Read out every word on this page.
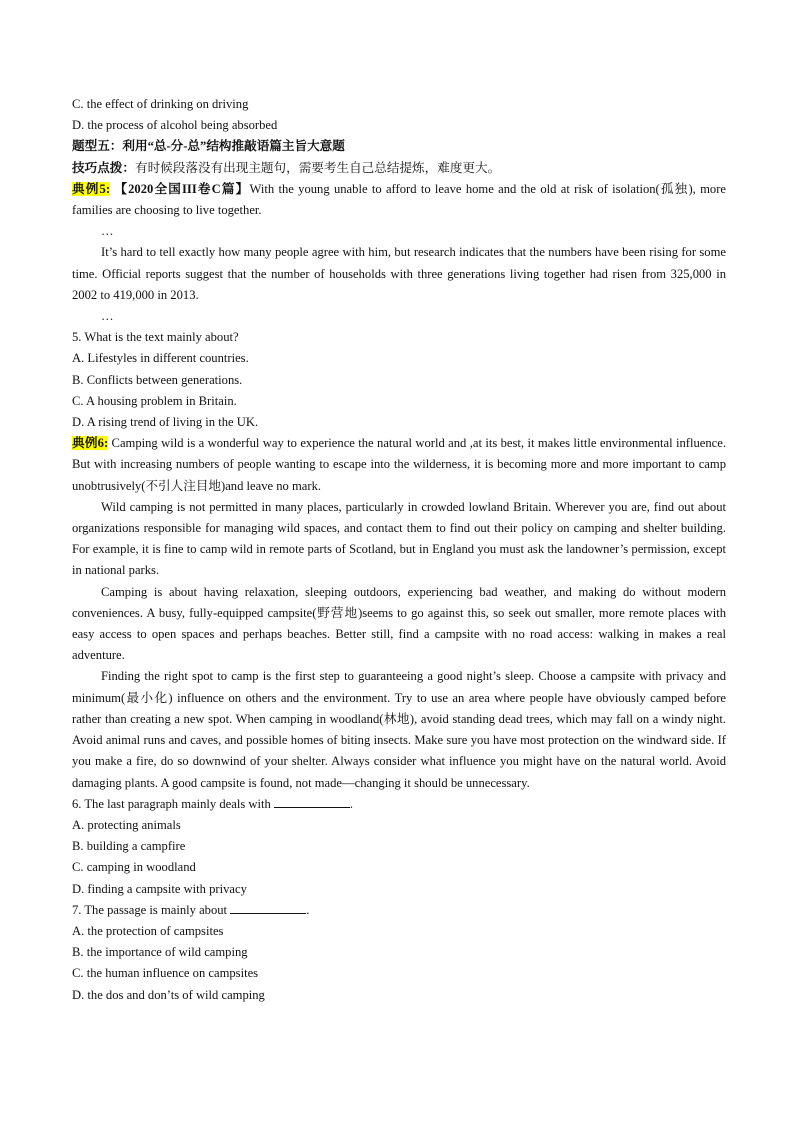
C. the effect of drinking on driving
D. the process of alcohol being absorbed
题型五：利用“总-分-总”结构推敲语篇主旨大意题
技巧点拨：有时候段落没有出现主题句，需要考生自己总结提炼，难度更大。
典例5: 【2020全国III卷C篇】With the young unable to afford to leave home and the old at risk of isolation(孤独), more families are choosing to live together.
…
It’s hard to tell exactly how many people agree with him, but research indicates that the numbers have been rising for some time. Official reports suggest that the number of households with three generations living together had risen from 325,000 in 2002 to 419,000 in 2013.
…
5. What is the text mainly about?
A. Lifestyles in different countries.
B. Conflicts between generations.
C. A housing problem in Britain.
D. A rising trend of living in the UK.
典例6: Camping wild is a wonderful way to experience the natural world and ,at its best, it makes little environmental influence. But with increasing numbers of people wanting to escape into the wilderness, it is becoming more and more important to camp unobtrusively(不引人注目地)and leave no mark.
Wild camping is not permitted in many places, particularly in crowded lowland Britain. Wherever you are, find out about organizations responsible for managing wild spaces, and contact them to find out their policy on camping and shelter building. For example, it is fine to camp wild in remote parts of Scotland, but in England you must ask the landowner’s permission, except in national parks.
Camping is about having relaxation, sleeping outdoors, experiencing bad weather, and making do without modern conveniences. A busy, fully-equipped campsite(野营地)seems to go against this, so seek out smaller, more remote places with easy access to open spaces and perhaps beaches. Better still, find a campsite with no road access: walking in makes a real adventure.
Finding the right spot to camp is the first step to guaranteeing a good night’s sleep. Choose a campsite with privacy and minimum(最小化) influence on others and the environment. Try to use an area where people have obviously camped before rather than creating a new spot. When camping in woodland(林地), avoid standing dead trees, which may fall on a windy night. Avoid animal runs and caves, and possible homes of biting insects. Make sure you have most protection on the windward side. If you make a fire, do so downwind of your shelter. Always consider what influence you might have on the natural world. Avoid damaging plants. A good campsite is found, not made—changing it should be unnecessary.
6. The last paragraph mainly deals with	.
A. protecting animals
B. building a campfire
C. camping in woodland
D. finding a campsite with privacy
7. The passage is mainly about	.
A. the protection of campsites
B. the importance of wild camping
C. the human influence on campsites
D. the dos and don’ts of wild camping
